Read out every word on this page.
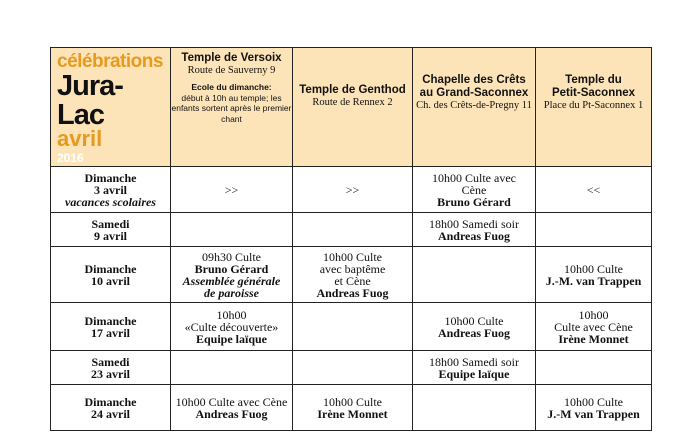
célébrations
Jura-Lac
avril
2016	Temple de Versoix
Route de Sauverny 9
Ecole du dimanche:
début à 10h au temple; les enfants sortent après le premier chant	Temple de Genthod
Route de Rennex 2	Chapelle des Crêts
au Grand-Saconnex
Ch. des Crêts-de-Pregny 11	Temple du
Petit-Saconnex
Place du Pt-Saconnex 1

Dimanche
3 avril
vacances scolaires	>>	>>	10h00 Culte avec
Cène
Bruno Gérard	<<

Samedi
9 avril			18h00 Samedi soir
Andreas Fuog	

Dimanche
10 avril	09h30 Culte
Bruno Gérard
Assemblée générale
de paroisse	10h00 Culte
avec baptême
et Cène
Andreas Fuog		10h00 Culte
J.-M. van Trappen

Dimanche
17 avril	10h00
«Culte découverte»
Equipe laïque		10h00 Culte
Andreas Fuog	10h00
Culte avec Cène
Irène Monnet

Samedi
23 avril			18h00 Samedi soir
Equipe laïque	

Dimanche
24 avril	10h00 Culte avec Cène
Andreas Fuog	10h00 Culte
Irène Monnet		10h00 Culte
J.-M van Trappen
